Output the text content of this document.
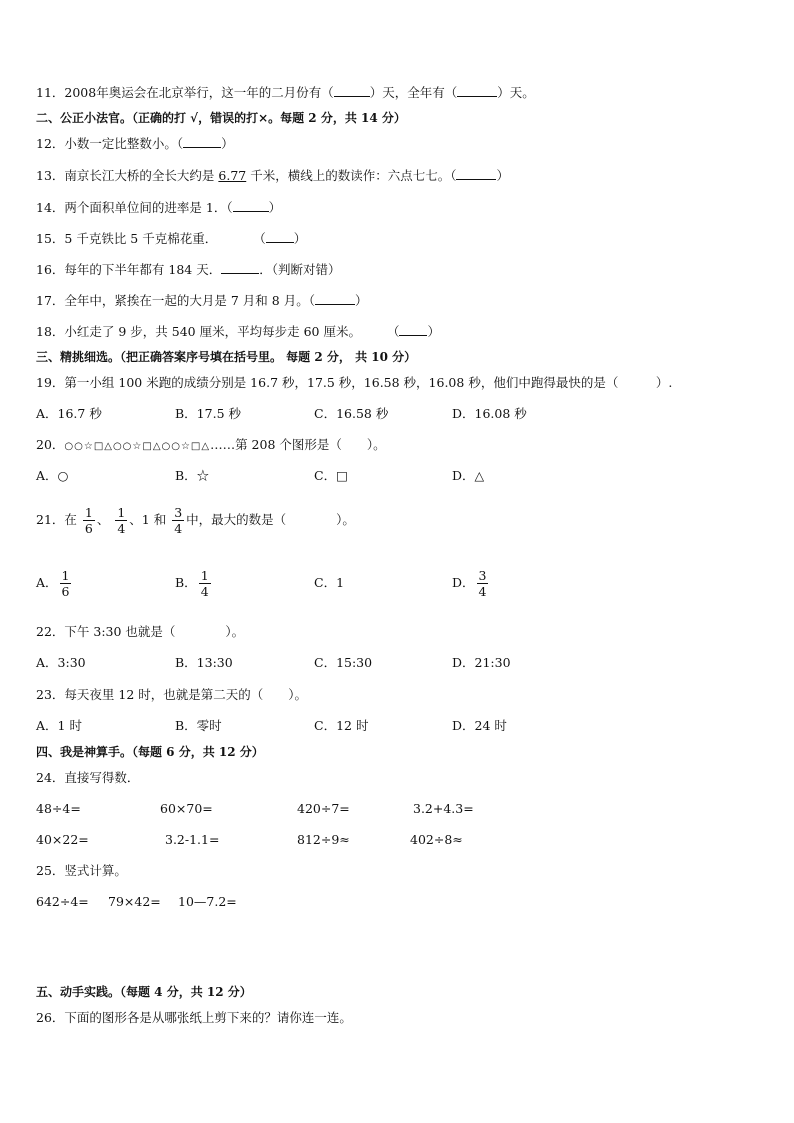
11．2008年奥运会在北京举行，这一年的二月份有（	）天，全年有（	）天。
二、公正小法官。（正确的打 √，错误的打×。每题 2 分，共 14 分）
12．小数一定比整数小。（	）
13．南京长江大桥的全长大约是 6.77 千米，横线上的数读作：六点七七。（	）
14．两个面积单位间的进率是 1．（	）
15．5 千克铁比 5 千克棉花重．	（ ）
16．每年的下半年都有 184 天．	．（判断对错）
17．全年中，紧挨在一起的大月是 7 月和 8 月。（	）
18．小红走了 9 步，共 540 厘米，平均每步走 60 厘米。 （ ）
三、精挑细选。（把正确答案序号填在括号里。 每题 2 分， 共 10 分）
19．第一小组 100 米跑的成绩分别是 16.7 秒，17.5 秒，16.58 秒，16.08 秒，他们中跑得最快的是（　　　）.
A．16.7 秒	B．17.5 秒	C．16.58 秒	D．16.08 秒
20．○○☆□△○○☆□△○○☆□△……第 208 个图形是（　　）。
A．○	B．☆	C．□	D．△
21．在 $\frac{1}{6}$ 、 $\frac{1}{4}$ 、1 和 $\frac{3}{4}$ 中，最大的数是（　　　　）。
A． $\frac{1}{6}$	B． $\frac{1}{4}$	C．1	D． $\frac{3}{4}$
22．下午 3:30 也就是（　　　　）。
A．3:30	B．13:30	C．15:30	D．21:30
23．每天夜里 12 时，也就是第二天的（　　）。
A．1 时	B．零时	C．12 时	D．24 时
四、我是神算手。（每题 6 分，共 12 分）
24．直接写得数．
48÷4=	60×70=	420÷7=	3.2+4.3=
40×22=	3.2-1.1=	812÷9≈	402÷8≈
25．竖式计算。
642÷4= 79×42= 10—7.2=
五、动手实践。（每题 4 分，共 12 分）
26．下面的图形各是从哪张纸上剪下来的？请你连一连。
